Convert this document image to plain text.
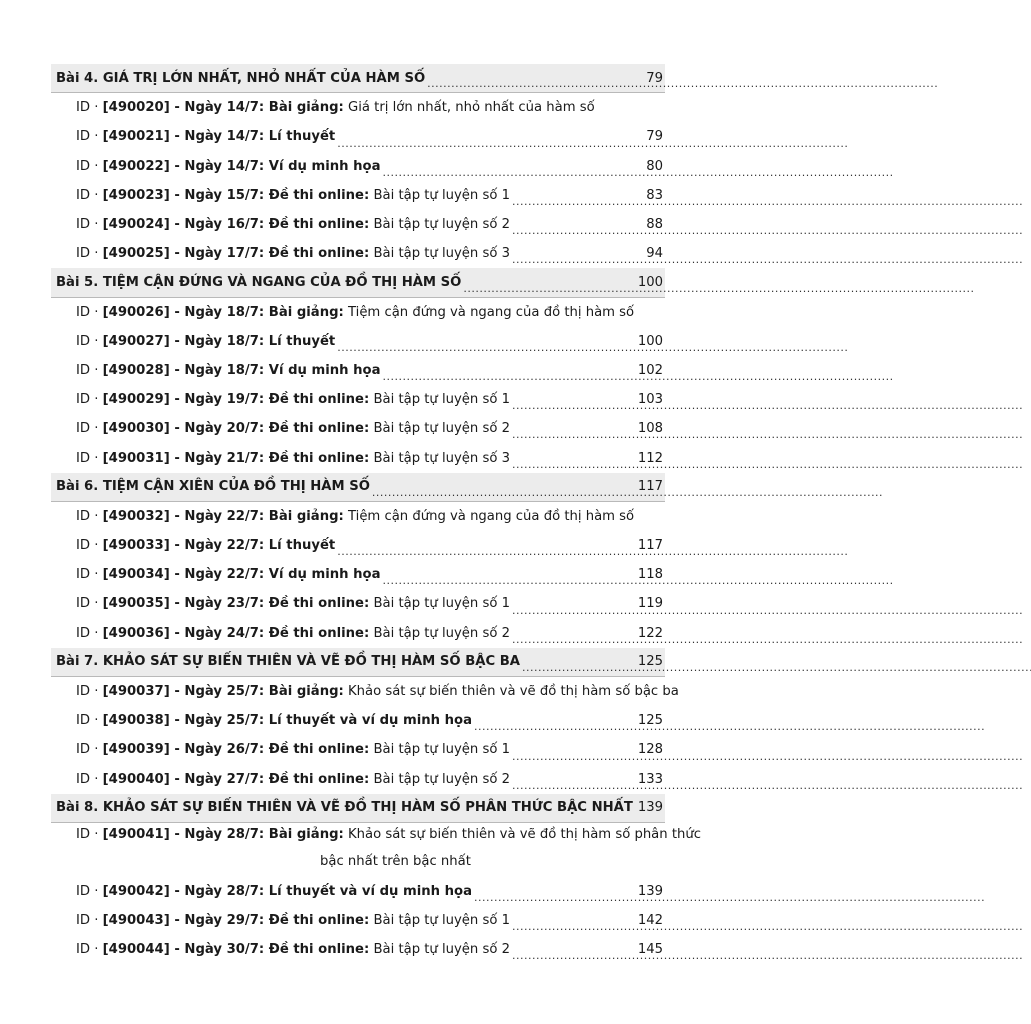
Bài 4. GIÁ TRỊ LỚN NHẤT, NHỎ NHẤT CỦA HÀM SỐ . . .	79
ID · [490020] - Ngày 14/7: Bài giảng: Giá trị lớn nhất, nhỏ nhất của hàm số
ID · [490021] - Ngày 14/7: Lí thuyết . . .	79
ID · [490022] - Ngày 14/7: Ví dụ minh họa . . .	80
ID · [490023] - Ngày 15/7: Đề thi online: Bài tập tự luyện số 1 . . .	83
ID · [490024] - Ngày 16/7: Đề thi online: Bài tập tự luyện số 2 . . .	88
ID · [490025] - Ngày 17/7: Đề thi online: Bài tập tự luyện số 3 . . .	94
Bài 5. TIỆM CẬN ĐỨNG VÀ NGANG CỦA ĐỒ THỊ HÀM SỐ . . .	100
ID · [490026] - Ngày 18/7: Bài giảng: Tiệm cận đứng và ngang của đồ thị hàm số
ID · [490027] - Ngày 18/7: Lí thuyết . . .	100
ID · [490028] - Ngày 18/7: Ví dụ minh họa . . .	102
ID · [490029] - Ngày 19/7: Đề thi online: Bài tập tự luyện số 1 . . .	103
ID · [490030] - Ngày 20/7: Đề thi online: Bài tập tự luyện số 2 . . .	108
ID · [490031] - Ngày 21/7: Đề thi online: Bài tập tự luyện số 3 . . .	112
Bài 6. TIỆM CẬN XIÊN CỦA ĐỒ THỊ HÀM SỐ . . .	117
ID · [490032] - Ngày 22/7: Bài giảng: Tiệm cận đứng và ngang của đồ thị hàm số
ID · [490033] - Ngày 22/7: Lí thuyết . . .	117
ID · [490034] - Ngày 22/7: Ví dụ minh họa . . .	118
ID · [490035] - Ngày 23/7: Đề thi online: Bài tập tự luyện số 1 . . .	119
ID · [490036] - Ngày 24/7: Đề thi online: Bài tập tự luyện số 2 . . .	122
Bài 7. KHẢO SÁT SỰ BIẾN THIÊN VÀ VẼ ĐỒ THỊ HÀM SỐ BẬC BA . . .	125
ID · [490037] - Ngày 25/7: Bài giảng: Khảo sát sự biến thiên và vẽ đồ thị hàm số bậc ba
ID · [490038] - Ngày 25/7: Lí thuyết và ví dụ minh họa . . .	125
ID · [490039] - Ngày 26/7: Đề thi online: Bài tập tự luyện số 1 . . .	128
ID · [490040] - Ngày 27/7: Đề thi online: Bài tập tự luyện số 2 . . .	133
Bài 8. KHẢO SÁT SỰ BIẾN THIÊN VÀ VẼ ĐỒ THỊ HÀM SỐ PHÂN THỨC BẬC NHẤT . . . 139
ID · [490041] - Ngày 28/7: Bài giảng: Khảo sát sự biến thiên và vẽ đồ thị hàm số phân thức
bậc nhất trên bậc nhất
ID · [490042] - Ngày 28/7: Lí thuyết và ví dụ minh họa . . .	139
ID · [490043] - Ngày 29/7: Đề thi online: Bài tập tự luyện số 1 . . .	142
ID · [490044] - Ngày 30/7: Đề thi online: Bài tập tự luyện số 2 . . .	145
